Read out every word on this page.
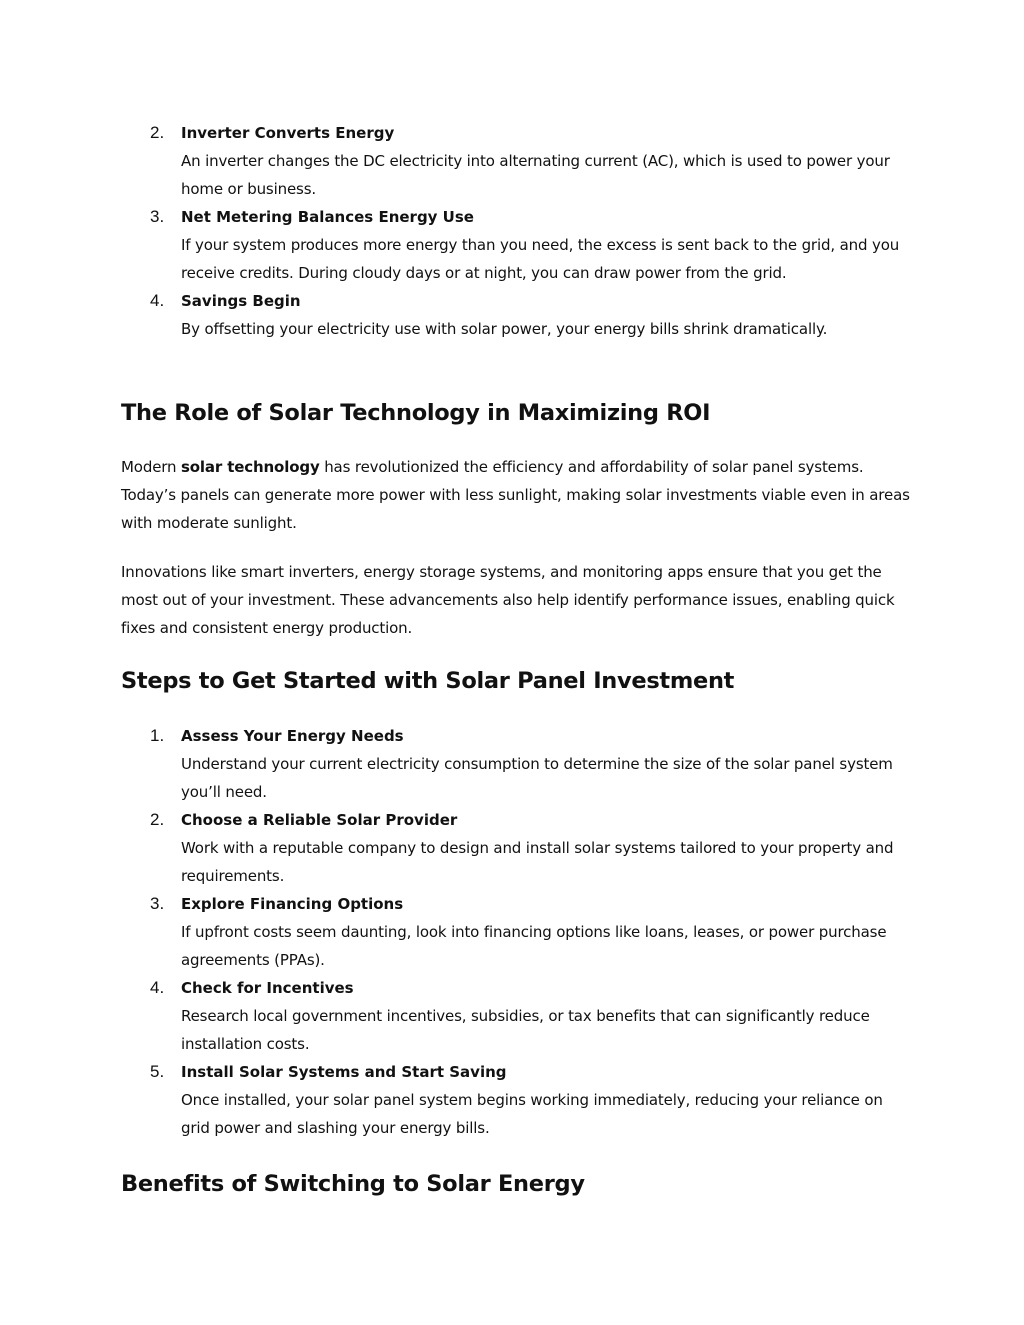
2. Inverter Converts Energy
An inverter changes the DC electricity into alternating current (AC), which is used to power your home or business.
3. Net Metering Balances Energy Use
If your system produces more energy than you need, the excess is sent back to the grid, and you receive credits. During cloudy days or at night, you can draw power from the grid.
4. Savings Begin
By offsetting your electricity use with solar power, your energy bills shrink dramatically.
The Role of Solar Technology in Maximizing ROI

Modern solar technology has revolutionized the efficiency and affordability of solar panel systems. Today’s panels can generate more power with less sunlight, making solar investments viable even in areas with moderate sunlight.

Innovations like smart inverters, energy storage systems, and monitoring apps ensure that you get the most out of your investment. These advancements also help identify performance issues, enabling quick fixes and consistent energy production.

Steps to Get Started with Solar Panel Investment
1. Assess Your Energy Needs
Understand your current electricity consumption to determine the size of the solar panel system you’ll need.
2. Choose a Reliable Solar Provider
Work with a reputable company to design and install solar systems tailored to your property and requirements.
3. Explore Financing Options
If upfront costs seem daunting, look into financing options like loans, leases, or power purchase agreements (PPAs).
4. Check for Incentives
Research local government incentives, subsidies, or tax benefits that can significantly reduce installation costs.
5. Install Solar Systems and Start Saving
Once installed, your solar panel system begins working immediately, reducing your reliance on grid power and slashing your energy bills.
Benefits of Switching to Solar Energy
